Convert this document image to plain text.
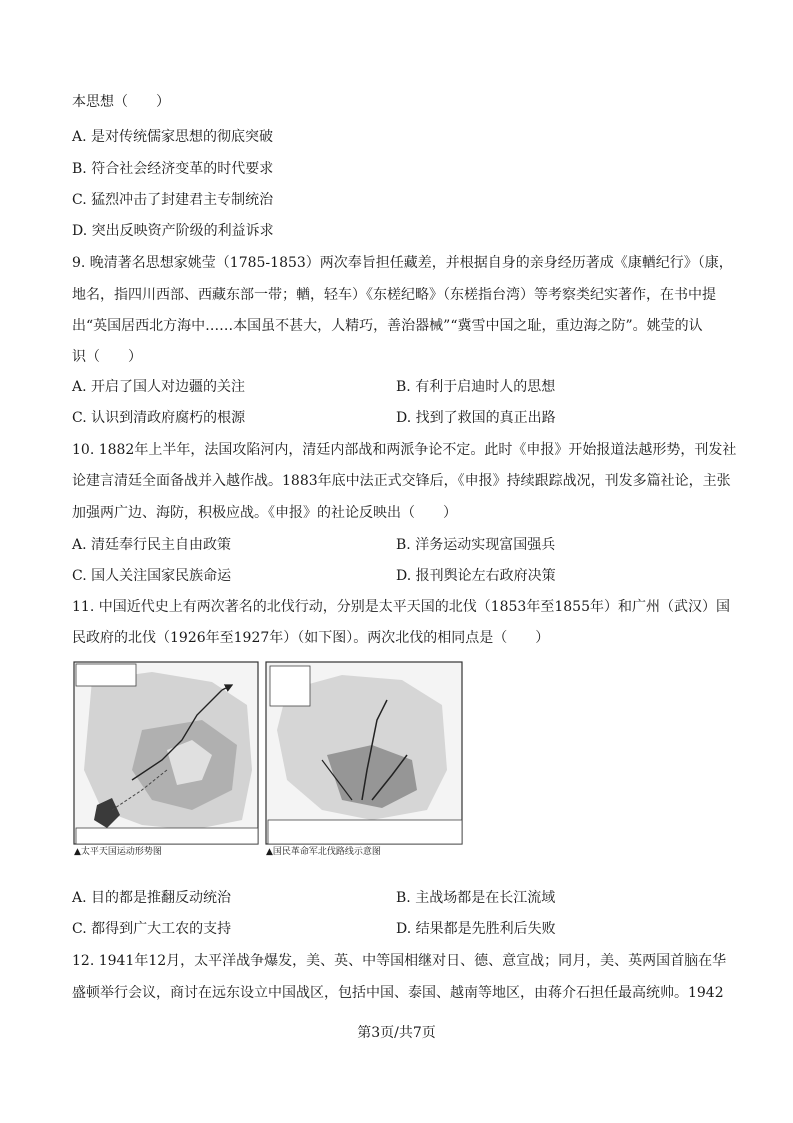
本思想（　　）
A. 是对传统儒家思想的彻底突破
B. 符合社会经济变革的时代要求
C. 猛烈冲击了封建君主专制统治
D. 突出反映资产阶级的利益诉求
9. 晚清著名思想家姚莹（1785-1853）两次奉旨担任藏差，并根据自身的亲身经历著成《康輶纪行》（康，
地名，指四川西部、西藏东部一带；輶，轻车）《东槎纪略》（东槎指台湾）等考察类纪实著作，在书中提
出“英国居西北方海中……本国虽不甚大，人精巧，善治器械”“冀雪中国之耻，重边海之防”。姚莹的认
识（　　）
A. 开启了国人对边疆的关注	B. 有利于启迪时人的思想
C. 认识到清政府腐朽的根源	D. 找到了救国的真正出路
10. 1882年上半年，法国攻陷河内，清廷内部战和两派争论不定。此时《申报》开始报道法越形势，刊发社
论建言清廷全面备战并入越作战。1883年底中法正式交锋后，《申报》持续跟踪战况，刊发多篇社论，主张
加强两广边、海防，积极应战。《申报》的社论反映出（　　）
A. 清廷奉行民主自由政策	B. 洋务运动实现富国强兵
C. 国人关注国家民族命运	D. 报刊舆论左右政府决策
11. 中国近代史上有两次著名的北伐行动，分别是太平天国的北伐（1853年至1855年）和广州（武汉）国
民政府的北伐（1926年至1927年）（如下图）。两次北伐的相同点是（　　）
▲太平天国运动形势图	▲国民革命军北伐路线示意图
A. 目的都是推翻反动统治	B. 主战场都是在长江流域
C. 都得到广大工农的支持	D. 结果都是先胜利后失败
12. 1941年12月，太平洋战争爆发，美、英、中等国相继对日、德、意宣战；同月，美、英两国首脑在华
盛顿举行会议，商讨在远东设立中国战区，包括中国、泰国、越南等地区，由蒋介石担任最高统帅。1942
第3页/共7页
